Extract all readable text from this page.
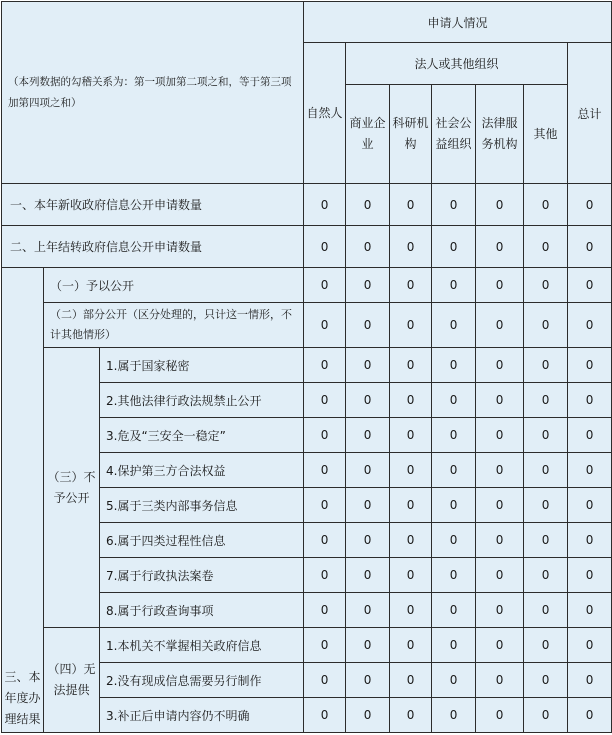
（本列数据的勾稽关系为：第一项加第二项之和，等于第三项加第四项之和）			申请人情况						
			自然人	法人或其他组织					总计
				商业企业	科研机构	社会公益组织	法律服务机构	其他	
一、本年新收政府信息公开申请数量			0	0	0	0	0	0	0
二、上年结转政府信息公开申请数量			0	0	0	0	0	0	0
三、本年度办理结果	（一）予以公开		0	0	0	0	0	0	0
	（二）部分公开（区分处理的，只计这一情形，不计其他情形）		0	0	0	0	0	0	0
	（三）不予公开	1.属于国家秘密	0	0	0	0	0	0	0
		2.其他法律行政法规禁止公开	0	0	0	0	0	0	0
		3.危及“三安全一稳定”	0	0	0	0	0	0	0
		4.保护第三方合法权益	0	0	0	0	0	0	0
		5.属于三类内部事务信息	0	0	0	0	0	0	0
		6.属于四类过程性信息	0	0	0	0	0	0	0
		7.属于行政执法案卷	0	0	0	0	0	0	0
		8.属于行政查询事项	0	0	0	0	0	0	0
	（四）无法提供	1.本机关不掌握相关政府信息	0	0	0	0	0	0	0
		2.没有现成信息需要另行制作	0	0	0	0	0	0	0
		3.补正后申请内容仍不明确	0	0	0	0	0	0	0
